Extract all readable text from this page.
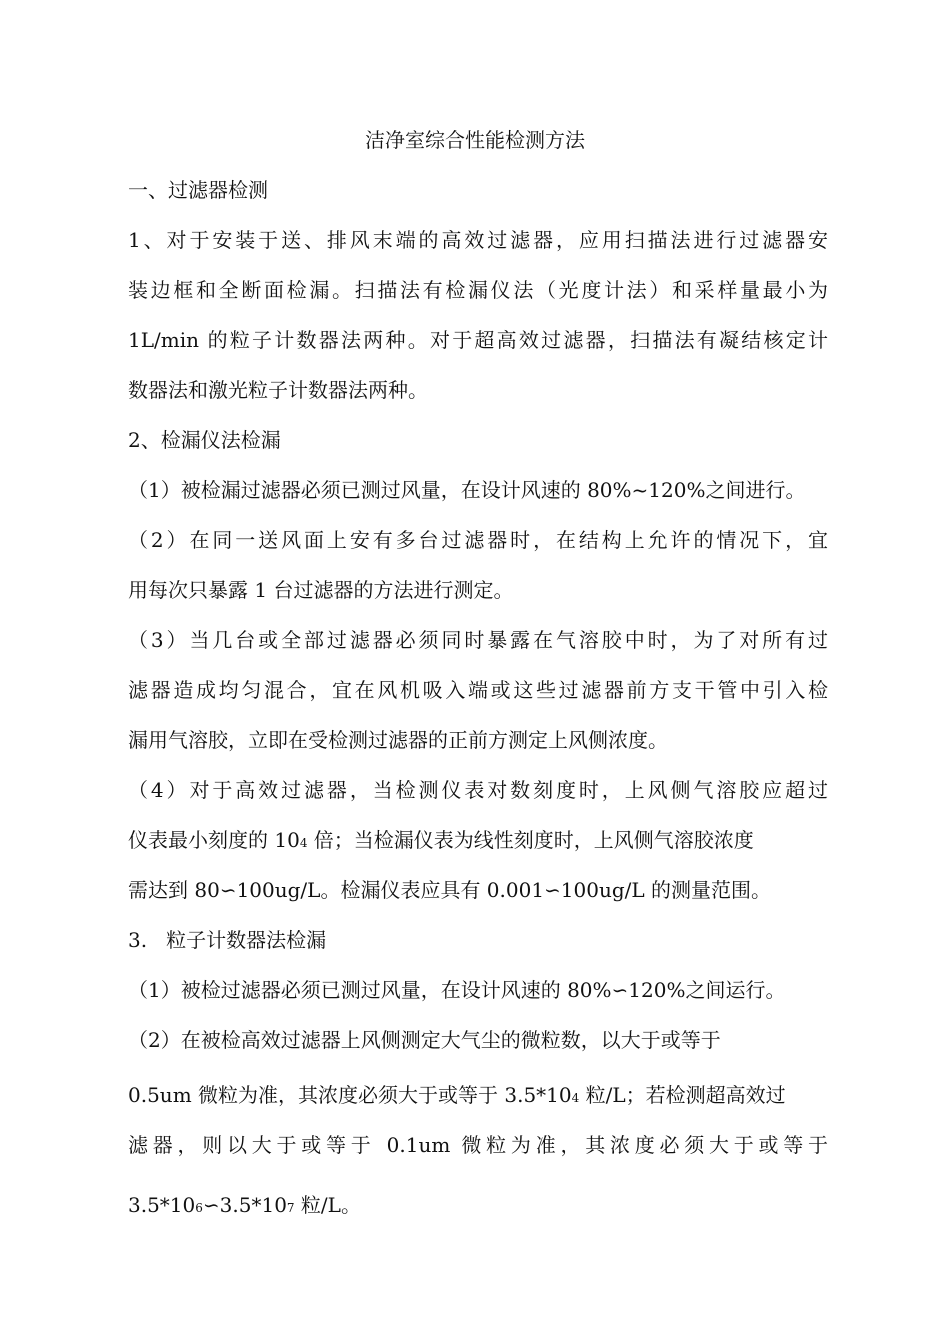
洁净室综合性能检测方法
一、过滤器检测
1、对于安装于送、排风末端的高效过滤器，应用扫描法进行过滤器安
装边框和全断面检漏。扫描法有检漏仪法（光度计法）和采样量最小为
1L/min 的粒子计数器法两种。对于超高效过滤器，扫描法有凝结核定计
数器法和激光粒子计数器法两种。
2、检漏仪法检漏
（1）被检漏过滤器必须已测过风量，在设计风速的 80%~120%之间进行。
（2）在同一送风面上安有多台过滤器时，在结构上允许的情况下，宜
用每次只暴露 1 台过滤器的方法进行测定。
（3）当几台或全部过滤器必须同时暴露在气溶胶中时，为了对所有过
滤器造成均匀混合，宜在风机吸入端或这些过滤器前方支干管中引入检
漏用气溶胶，立即在受检测过滤器的正前方测定上风侧浓度。
（4）对于高效过滤器，当检测仪表对数刻度时，上风侧气溶胶应超过
仪表最小刻度的 104 倍；当检漏仪表为线性刻度时，上风侧气溶胶浓度
需达到 80∽100ug/L。检漏仪表应具有 0.001∽100ug/L 的测量范围。
3.   粒子计数器法检漏
（1）被检过滤器必须已测过风量，在设计风速的 80%∽120%之间运行。
（2）在被检高效过滤器上风侧测定大气尘的微粒数，以大于或等于
0.5um 微粒为准，其浓度必须大于或等于 3.5*104 粒/L；若检测超高效过
滤器，则以大于或等于 0.1um 微粒为准，其浓度必须大于或等于
3.5*106∽3.5*107 粒/L。
